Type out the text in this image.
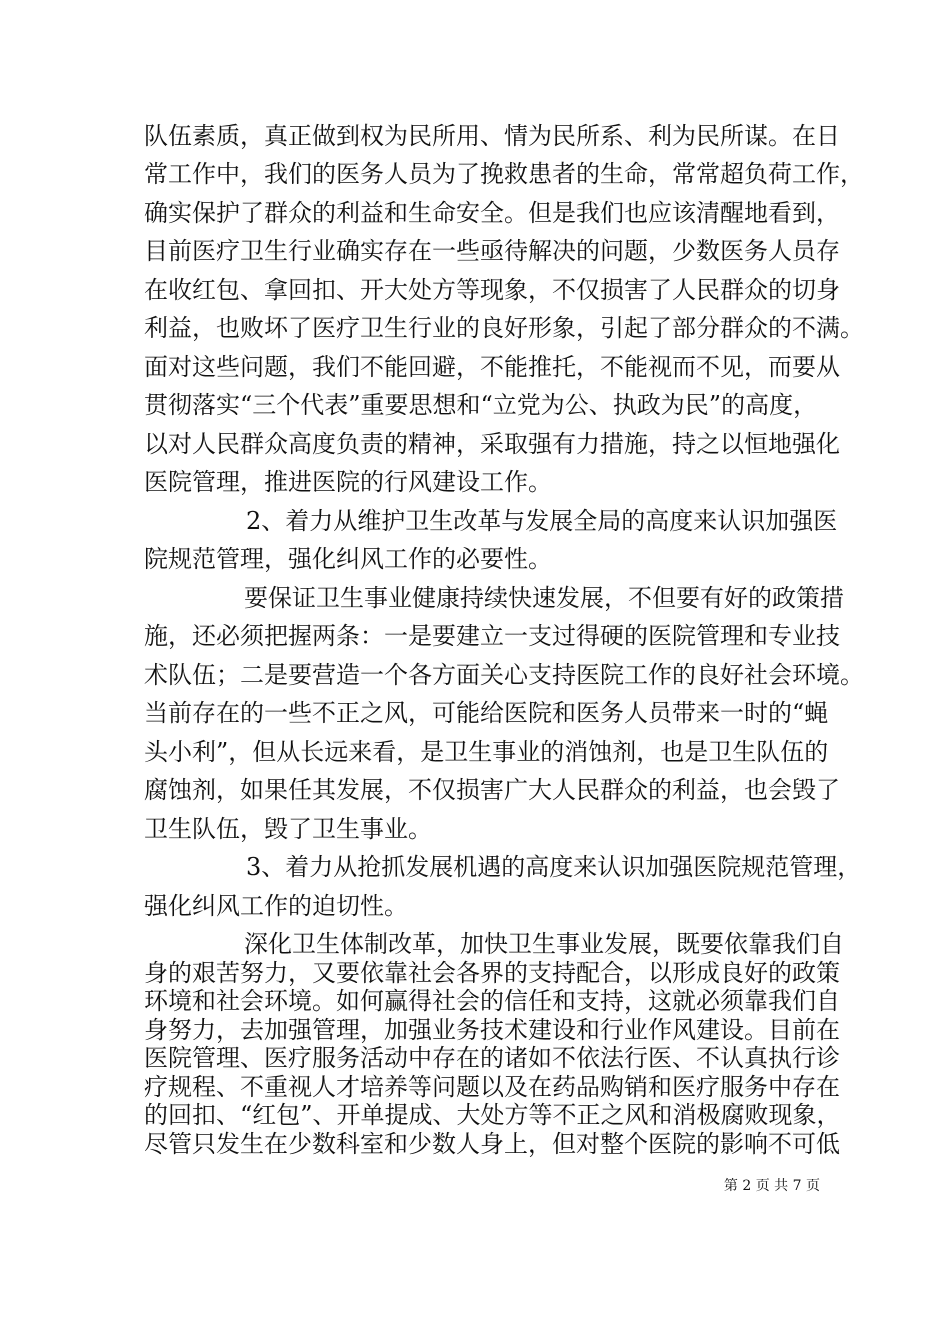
队伍素质，真正做到权为民所用、情为民所系、利为民所谋。在日
常工作中，我们的医务人员为了挽救患者的生命，常常超负荷工作，
确实保护了群众的利益和生命安全。但是我们也应该清醒地看到，
目前医疗卫生行业确实存在一些亟待解决的问题，少数医务人员存
在收红包、拿回扣、开大处方等现象，不仅损害了人民群众的切身
利益，也败坏了医疗卫生行业的良好形象，引起了部分群众的不满。
面对这些问题，我们不能回避，不能推托，不能视而不见，而要从
贯彻落实“三个代表”重要思想和“立党为公、执政为民”的高度，
以对人民群众高度负责的精神，采取强有力措施，持之以恒地强化
医院管理，推进医院的行风建设工作。
2、着力从维护卫生改革与发展全局的高度来认识加强医
院规范管理，强化纠风工作的必要性。
要保证卫生事业健康持续快速发展，不但要有好的政策措
施，还必须把握两条：一是要建立一支过得硬的医院管理和专业技
术队伍；二是要营造一个各方面关心支持医院工作的良好社会环境。
当前存在的一些不正之风，可能给医院和医务人员带来一时的“蝇
头小利”，但从长远来看，是卫生事业的消蚀剂，也是卫生队伍的
腐蚀剂，如果任其发展，不仅损害广大人民群众的利益，也会毁了
卫生队伍，毁了卫生事业。
3、着力从抢抓发展机遇的高度来认识加强医院规范管理，
强化纠风工作的迫切性。
深化卫生体制改革，加快卫生事业发展，既要依靠我们自
身的艰苦努力，又要依靠社会各界的支持配合，以形成良好的政策
环境和社会环境。如何赢得社会的信任和支持，这就必须靠我们自
身努力，去加强管理，加强业务技术建设和行业作风建设。目前在
医院管理、医疗服务活动中存在的诸如不依法行医、不认真执行诊
疗规程、不重视人才培养等问题以及在药品购销和医疗服务中存在
的回扣、“红包”、开单提成、大处方等不正之风和消极腐败现象，
第 2 页 共 7 页
尽管只发生在少数科室和少数人身上，但对整个医院的影响不可低
